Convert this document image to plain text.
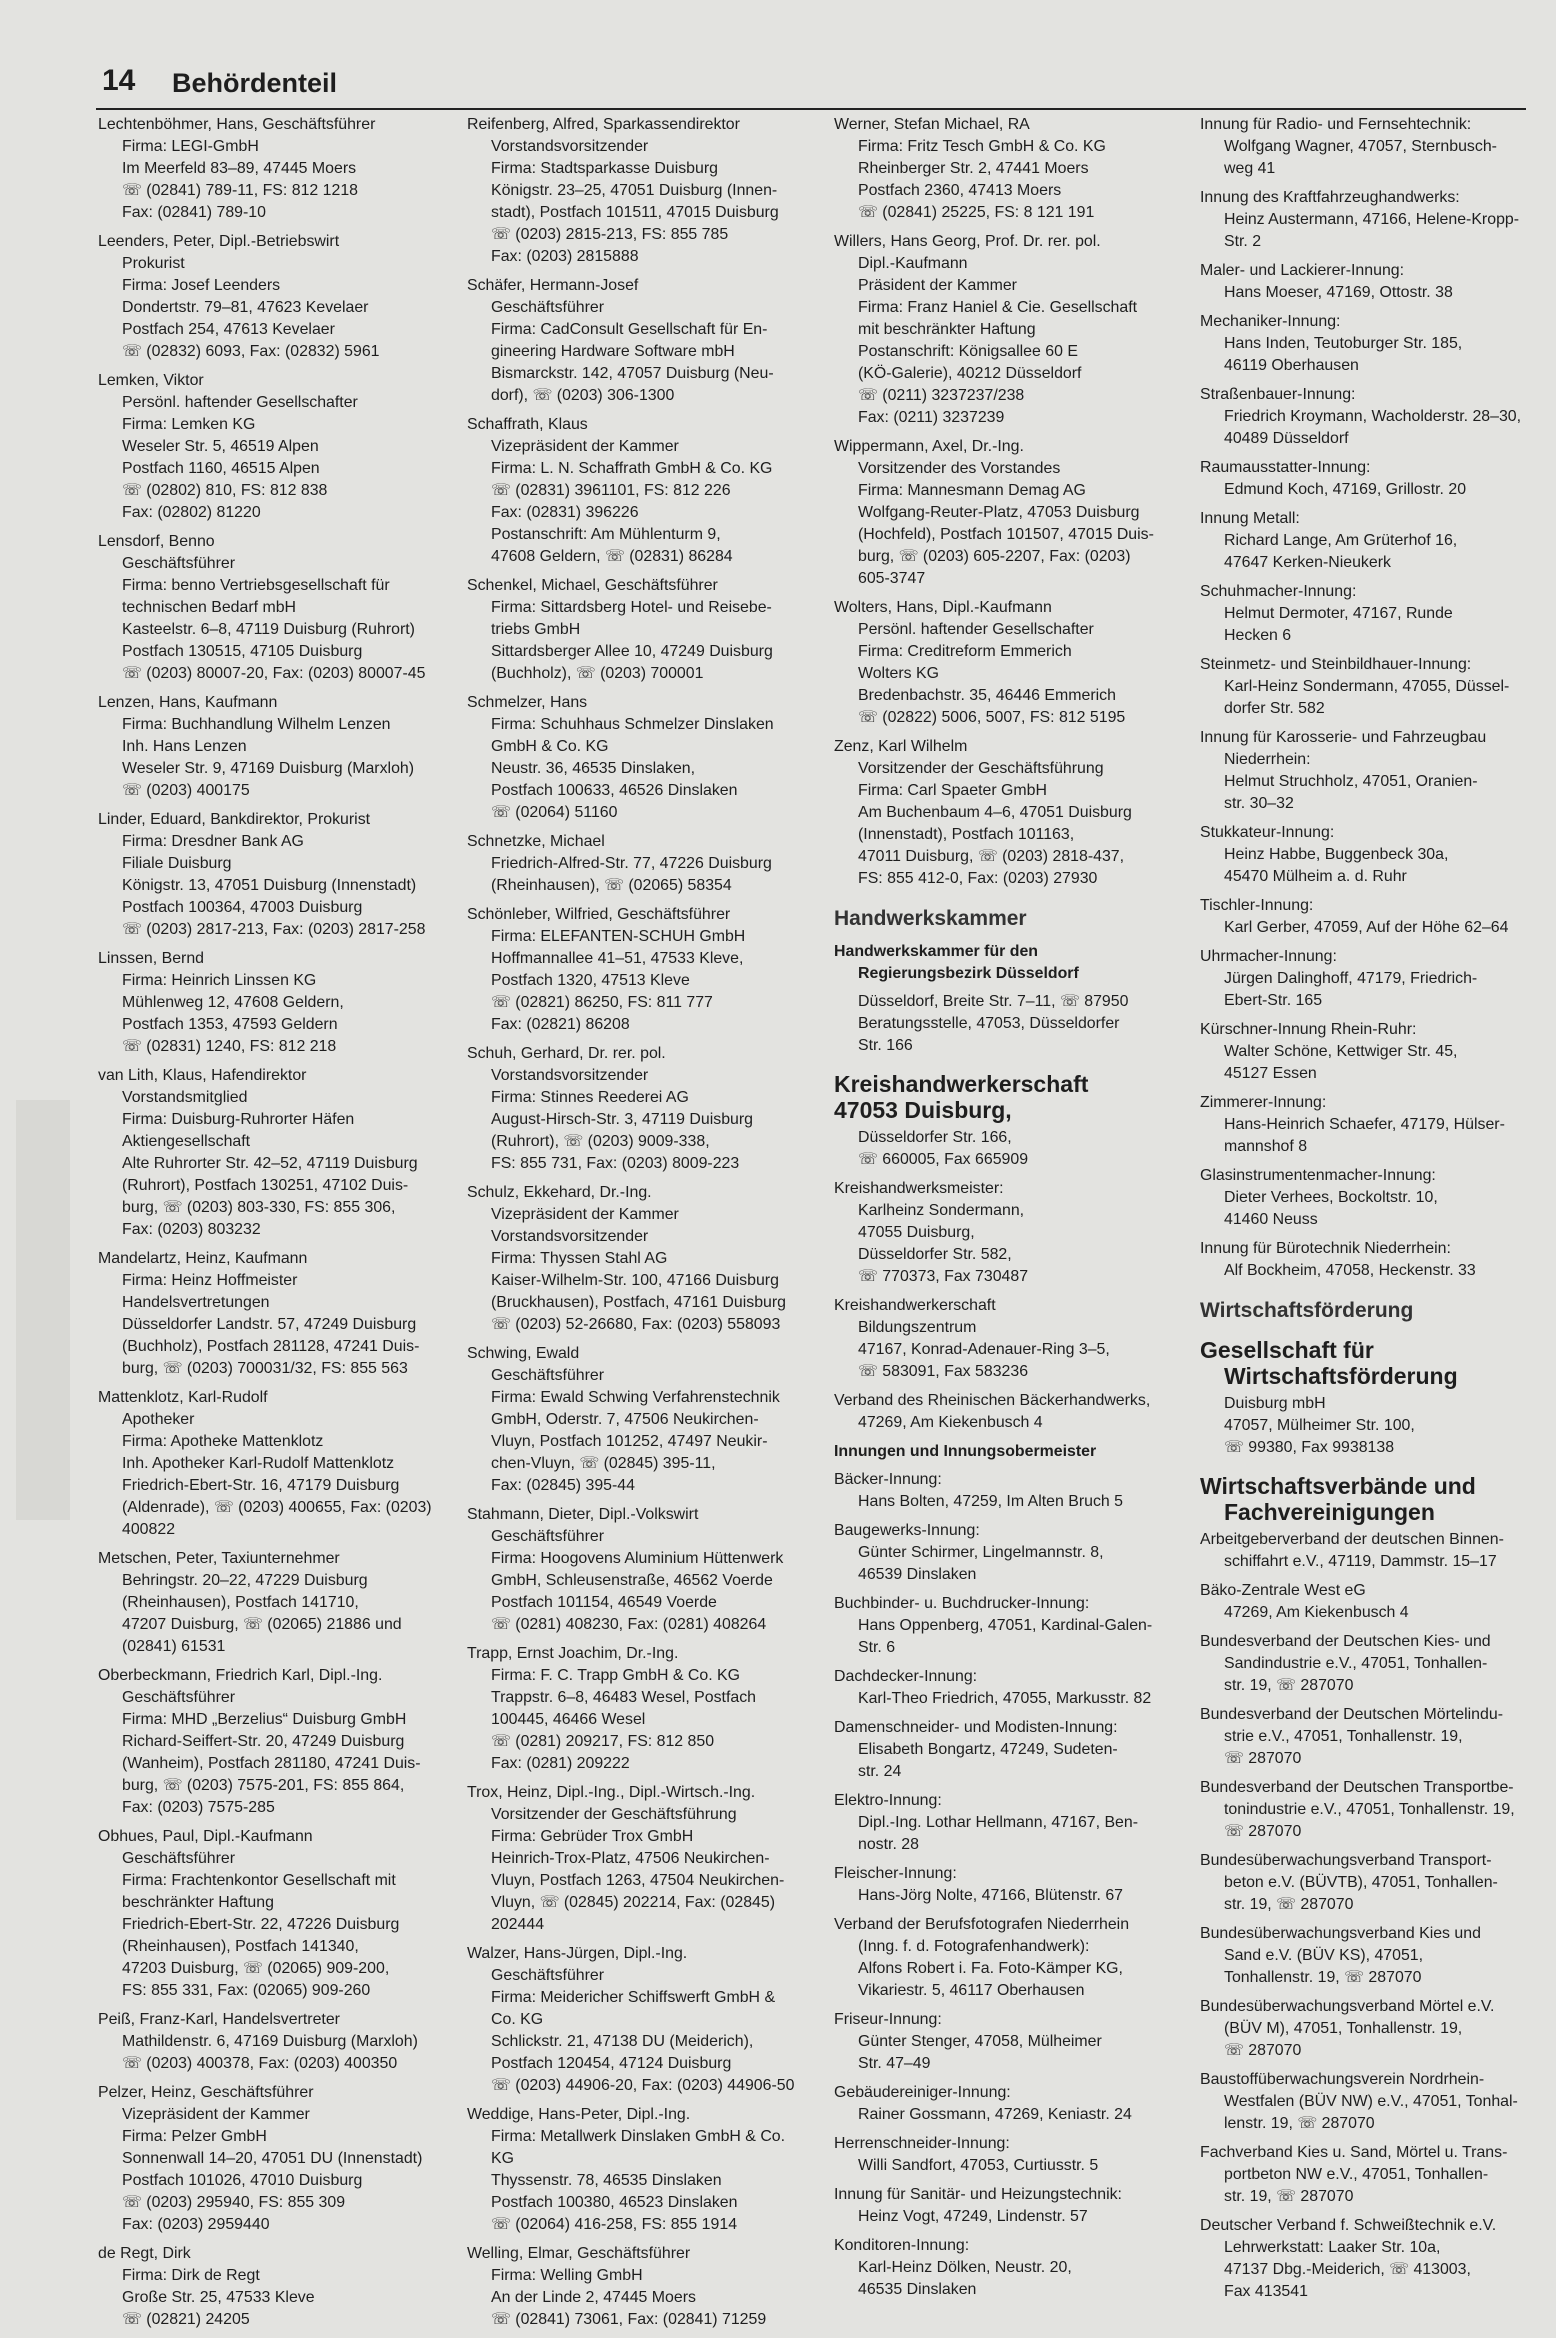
14 Behördenteil
Lechtenböhmer, Hans, Geschäftsführer
Firma: LEGI-GmbH
Im Meerfeld 83–89, 47445 Moers
☏ (02841) 789-11, FS: 812 1218
Fax: (02841) 789-10
Leenders, Peter, Dipl.-Betriebswirt
Prokurist
Firma: Josef Leenders
Dondertstr. 79–81, 47623 Kevelaer
Postfach 254, 47613 Kevelaer
☏ (02832) 6093, Fax: (02832) 5961
Lemken, Viktor
Persönl. haftender Gesellschafter
Firma: Lemken KG
Weseler Str. 5, 46519 Alpen
Postfach 1160, 46515 Alpen
☏ (02802) 810, FS: 812 838
Fax: (02802) 81220
Lensdorf, Benno
Geschäftsführer
Firma: benno Vertriebsgesellschaft für
technischen Bedarf mbH
Kasteelstr. 6–8, 47119 Duisburg (Ruhrort)
Postfach 130515, 47105 Duisburg
☏ (0203) 80007-20, Fax: (0203) 80007-45
Lenzen, Hans, Kaufmann
Firma: Buchhandlung Wilhelm Lenzen
Inh. Hans Lenzen
Weseler Str. 9, 47169 Duisburg (Marxloh)
☏ (0203) 400175
Linder, Eduard, Bankdirektor, Prokurist
Firma: Dresdner Bank AG
Filiale Duisburg
Königstr. 13, 47051 Duisburg (Innenstadt)
Postfach 100364, 47003 Duisburg
☏ (0203) 2817-213, Fax: (0203) 2817-258
Linssen, Bernd
Firma: Heinrich Linssen KG
Mühlenweg 12, 47608 Geldern,
Postfach 1353, 47593 Geldern
☏ (02831) 1240, FS: 812 218
van Lith, Klaus, Hafendirektor
Vorstandsmitglied
Firma: Duisburg-Ruhrorter Häfen
Aktiengesellschaft
Alte Ruhrorter Str. 42–52, 47119 Duisburg
(Ruhrort), Postfach 130251, 47102 Duis-
burg, ☏ (0203) 803-330, FS: 855 306,
Fax: (0203) 803232
Mandelartz, Heinz, Kaufmann
Firma: Heinz Hoffmeister
Handelsvertretungen
Düsseldorfer Landstr. 57, 47249 Duisburg
(Buchholz), Postfach 281128, 47241 Duis-
burg, ☏ (0203) 700031/32, FS: 855 563
Mattenklotz, Karl-Rudolf
Apotheker
Firma: Apotheke Mattenklotz
Inh. Apotheker Karl-Rudolf Mattenklotz
Friedrich-Ebert-Str. 16, 47179 Duisburg
(Aldenrade), ☏ (0203) 400655, Fax: (0203)
400822
Metschen, Peter, Taxiunternehmer
Behringstr. 20–22, 47229 Duisburg
(Rheinhausen), Postfach 141710,
47207 Duisburg, ☏ (02065) 21886 und
(02841) 61531
Oberbeckmann, Friedrich Karl, Dipl.-Ing.
Geschäftsführer
Firma: MHD „Berzelius“ Duisburg GmbH
Richard-Seiffert-Str. 20, 47249 Duisburg
(Wanheim), Postfach 281180, 47241 Duis-
burg, ☏ (0203) 7575-201, FS: 855 864,
Fax: (0203) 7575-285
Obhues, Paul, Dipl.-Kaufmann
Geschäftsführer
Firma: Frachtenkontor Gesellschaft mit
beschränkter Haftung
Friedrich-Ebert-Str. 22, 47226 Duisburg
(Rheinhausen), Postfach 141340,
47203 Duisburg, ☏ (02065) 909-200,
FS: 855 331, Fax: (02065) 909-260
Peiß, Franz-Karl, Handelsvertreter
Mathildenstr. 6, 47169 Duisburg (Marxloh)
☏ (0203) 400378, Fax: (0203) 400350
Pelzer, Heinz, Geschäftsführer
Vizepräsident der Kammer
Firma: Pelzer GmbH
Sonnenwall 14–20, 47051 DU (Innenstadt)
Postfach 101026, 47010 Duisburg
☏ (0203) 295940, FS: 855 309
Fax: (0203) 2959440
de Regt, Dirk
Firma: Dirk de Regt
Große Str. 25, 47533 Kleve
☏ (02821) 24205
Reifenberg, Alfred, Sparkassendirektor
Vorstandsvorsitzender
Firma: Stadtsparkasse Duisburg
Königstr. 23–25, 47051 Duisburg (Innen-
stadt), Postfach 101511, 47015 Duisburg
☏ (0203) 2815-213, FS: 855 785
Fax: (0203) 2815888
Schäfer, Hermann-Josef
Geschäftsführer
Firma: CadConsult Gesellschaft für En-
gineering Hardware Software mbH
Bismarckstr. 142, 47057 Duisburg (Neu-
dorf), ☏ (0203) 306-1300
Schaffrath, Klaus
Vizepräsident der Kammer
Firma: L. N. Schaffrath GmbH & Co. KG
☏ (02831) 3961101, FS: 812 226
Fax: (02831) 396226
Postanschrift: Am Mühlenturm 9,
47608 Geldern, ☏ (02831) 86284
Schenkel, Michael, Geschäftsführer
Firma: Sittardsberg Hotel- und Reisebe-
triebs GmbH
Sittardsberger Allee 10, 47249 Duisburg
(Buchholz), ☏ (0203) 700001
Schmelzer, Hans
Firma: Schuhhaus Schmelzer Dinslaken
GmbH & Co. KG
Neustr. 36, 46535 Dinslaken,
Postfach 100633, 46526 Dinslaken
☏ (02064) 51160
Schnetzke, Michael
Friedrich-Alfred-Str. 77, 47226 Duisburg
(Rheinhausen), ☏ (02065) 58354
Schönleber, Wilfried, Geschäftsführer
Firma: ELEFANTEN-SCHUH GmbH
Hoffmannallee 41–51, 47533 Kleve,
Postfach 1320, 47513 Kleve
☏ (02821) 86250, FS: 811 777
Fax: (02821) 86208
Schuh, Gerhard, Dr. rer. pol.
Vorstandsvorsitzender
Firma: Stinnes Reederei AG
August-Hirsch-Str. 3, 47119 Duisburg
(Ruhrort), ☏ (0203) 9009-338,
FS: 855 731, Fax: (0203) 8009-223
Schulz, Ekkehard, Dr.-Ing.
Vizepräsident der Kammer
Vorstandsvorsitzender
Firma: Thyssen Stahl AG
Kaiser-Wilhelm-Str. 100, 47166 Duisburg
(Bruckhausen), Postfach, 47161 Duisburg
☏ (0203) 52-26680, Fax: (0203) 558093
Schwing, Ewald
Geschäftsführer
Firma: Ewald Schwing Verfahrenstechnik
GmbH, Oderstr. 7, 47506 Neukirchen-
Vluyn, Postfach 101252, 47497 Neukir-
chen-Vluyn, ☏ (02845) 395-11,
Fax: (02845) 395-44
Stahmann, Dieter, Dipl.-Volkswirt
Geschäftsführer
Firma: Hoogovens Aluminium Hüttenwerk
GmbH, Schleusenstraße, 46562 Voerde
Postfach 101154, 46549 Voerde
☏ (0281) 408230, Fax: (0281) 408264
Trapp, Ernst Joachim, Dr.-Ing.
Firma: F. C. Trapp GmbH & Co. KG
Trappstr. 6–8, 46483 Wesel, Postfach
100445, 46466 Wesel
☏ (0281) 209217, FS: 812 850
Fax: (0281) 209222
Trox, Heinz, Dipl.-Ing., Dipl.-Wirtsch.-Ing.
Vorsitzender der Geschäftsführung
Firma: Gebrüder Trox GmbH
Heinrich-Trox-Platz, 47506 Neukirchen-
Vluyn, Postfach 1263, 47504 Neukirchen-
Vluyn, ☏ (02845) 202214, Fax: (02845)
202444
Walzer, Hans-Jürgen, Dipl.-Ing.
Geschäftsführer
Firma: Meidericher Schiffswerft GmbH &
Co. KG
Schlickstr. 21, 47138 DU (Meiderich),
Postfach 120454, 47124 Duisburg
☏ (0203) 44906-20, Fax: (0203) 44906-50
Weddige, Hans-Peter, Dipl.-Ing.
Firma: Metallwerk Dinslaken GmbH & Co.
KG
Thyssenstr. 78, 46535 Dinslaken
Postfach 100380, 46523 Dinslaken
☏ (02064) 416-258, FS: 855 1914
Welling, Elmar, Geschäftsführer
Firma: Welling GmbH
An der Linde 2, 47445 Moers
☏ (02841) 73061, Fax: (02841) 71259
Werner, Stefan Michael, RA
Firma: Fritz Tesch GmbH & Co. KG
Rheinberger Str. 2, 47441 Moers
Postfach 2360, 47413 Moers
☏ (02841) 25225, FS: 8 121 191
Willers, Hans Georg, Prof. Dr. rer. pol.
Dipl.-Kaufmann
Präsident der Kammer
Firma: Franz Haniel & Cie. Gesellschaft
mit beschränkter Haftung
Postanschrift: Königsallee 60 E
(KÖ-Galerie), 40212 Düsseldorf
☏ (0211) 3237237/238
Fax: (0211) 3237239
Wippermann, Axel, Dr.-Ing.
Vorsitzender des Vorstandes
Firma: Mannesmann Demag AG
Wolfgang-Reuter-Platz, 47053 Duisburg
(Hochfeld), Postfach 101507, 47015 Duis-
burg, ☏ (0203) 605-2207, Fax: (0203)
605-3747
Wolters, Hans, Dipl.-Kaufmann
Persönl. haftender Gesellschafter
Firma: Creditreform Emmerich
Wolters KG
Bredenbachstr. 35, 46446 Emmerich
☏ (02822) 5006, 5007, FS: 812 5195
Zenz, Karl Wilhelm
Vorsitzender der Geschäftsführung
Firma: Carl Spaeter GmbH
Am Buchenbaum 4–6, 47051 Duisburg
(Innenstadt), Postfach 101163,
47011 Duisburg, ☏ (0203) 2818-437,
FS: 855 412-0, Fax: (0203) 27930
Handwerkskammer
Handwerkskammer für den
Regierungsbezirk Düsseldorf
Düsseldorf, Breite Str. 7–11, ☏ 87950
Beratungsstelle, 47053, Düsseldorfer
Str. 166
Kreishandwerkerschaft
47053 Duisburg,
Düsseldorfer Str. 166,
☏ 660005, Fax 665909
Kreishandwerksmeister:
Karlheinz Sondermann,
47055 Duisburg,
Düsseldorfer Str. 582,
☏ 770373, Fax 730487
Kreishandwerkerschaft
Bildungszentrum
47167, Konrad-Adenauer-Ring 3–5,
☏ 583091, Fax 583236
Verband des Rheinischen Bäckerhandwerks,
47269, Am Kiekenbusch 4
Innungen und Innungsobermeister
Bäcker-Innung:
Hans Bolten, 47259, Im Alten Bruch 5
Baugewerks-Innung:
Günter Schirmer, Lingelmannstr. 8,
46539 Dinslaken
Buchbinder- u. Buchdrucker-Innung:
Hans Oppenberg, 47051, Kardinal-Galen-
Str. 6
Dachdecker-Innung:
Karl-Theo Friedrich, 47055, Markusstr. 82
Damenschneider- und Modisten-Innung:
Elisabeth Bongartz, 47249, Sudeten-
str. 24
Elektro-Innung:
Dipl.-Ing. Lothar Hellmann, 47167, Ben-
nostr. 28
Fleischer-Innung:
Hans-Jörg Nolte, 47166, Blütenstr. 67
Verband der Berufsfotografen Niederrhein
(Inng. f. d. Fotografenhandwerk):
Alfons Robert i. Fa. Foto-Kämper KG,
Vikariestr. 5, 46117 Oberhausen
Friseur-Innung:
Günter Stenger, 47058, Mülheimer
Str. 47–49
Gebäudereiniger-Innung:
Rainer Gossmann, 47269, Keniastr. 24
Herrenschneider-Innung:
Willi Sandfort, 47053, Curtiusstr. 5
Innung für Sanitär- und Heizungstechnik:
Heinz Vogt, 47249, Lindenstr. 57
Konditoren-Innung:
Karl-Heinz Dölken, Neustr. 20,
46535 Dinslaken
Innung für Radio- und Fernsehtechnik:
Wolfgang Wagner, 47057, Sternbusch-
weg 41
Innung des Kraftfahrzeughandwerks:
Heinz Austermann, 47166, Helene-Kropp-
Str. 2
Maler- und Lackierer-Innung:
Hans Moeser, 47169, Ottostr. 38
Mechaniker-Innung:
Hans Inden, Teutoburger Str. 185,
46119 Oberhausen
Straßenbauer-Innung:
Friedrich Kroymann, Wacholderstr. 28–30,
40489 Düsseldorf
Raumausstatter-Innung:
Edmund Koch, 47169, Grillostr. 20
Innung Metall:
Richard Lange, Am Grüterhof 16,
47647 Kerken-Nieukerk
Schuhmacher-Innung:
Helmut Dermoter, 47167, Runde
Hecken 6
Steinmetz- und Steinbildhauer-Innung:
Karl-Heinz Sondermann, 47055, Düssel-
dorfer Str. 582
Innung für Karosserie- und Fahrzeugbau
Niederrhein:
Helmut Struchholz, 47051, Oranien-
str. 30–32
Stukkateur-Innung:
Heinz Habbe, Buggenbeck 30a,
45470 Mülheim a. d. Ruhr
Tischler-Innung:
Karl Gerber, 47059, Auf der Höhe 62–64
Uhrmacher-Innung:
Jürgen Dalinghoff, 47179, Friedrich-
Ebert-Str. 165
Kürschner-Innung Rhein-Ruhr:
Walter Schöne, Kettwiger Str. 45,
45127 Essen
Zimmerer-Innung:
Hans-Heinrich Schaefer, 47179, Hülser-
mannshof 8
Glasinstrumentenmacher-Innung:
Dieter Verhees, Bockoltstr. 10,
41460 Neuss
Innung für Bürotechnik Niederrhein:
Alf Bockheim, 47058, Heckenstr. 33
Wirtschaftsförderung
Gesellschaft für
Wirtschaftsförderung
Duisburg mbH
47057, Mülheimer Str. 100,
☏ 99380, Fax 9938138
Wirtschaftsverbände und
Fachvereinigungen
Arbeitgeberverband der deutschen Binnen-
schiffahrt e.V., 47119, Dammstr. 15–17
Bäko-Zentrale West eG
47269, Am Kiekenbusch 4
Bundesverband der Deutschen Kies- und
Sandindustrie e.V., 47051, Tonhallen-
str. 19, ☏ 287070
Bundesverband der Deutschen Mörtelindu-
strie e.V., 47051, Tonhallenstr. 19,
☏ 287070
Bundesverband der Deutschen Transportbe-
tonindustrie e.V., 47051, Tonhallenstr. 19,
☏ 287070
Bundesüberwachungsverband Transport-
beton e.V. (BÜVTB), 47051, Tonhallen-
str. 19, ☏ 287070
Bundesüberwachungsverband Kies und
Sand e.V. (BÜV KS), 47051,
Tonhallenstr. 19, ☏ 287070
Bundesüberwachungsverband Mörtel e.V.
(BÜV M), 47051, Tonhallenstr. 19,
☏ 287070
Baustoffüberwachungsverein Nordrhein-
Westfalen (BÜV NW) e.V., 47051, Tonhal-
lenstr. 19, ☏ 287070
Fachverband Kies u. Sand, Mörtel u. Trans-
portbeton NW e.V., 47051, Tonhallen-
str. 19, ☏ 287070
Deutscher Verband f. Schweißtechnik e.V.
Lehrwerkstatt: Laaker Str. 10a,
47137 Dbg.-Meiderich, ☏ 413003,
Fax 413541
